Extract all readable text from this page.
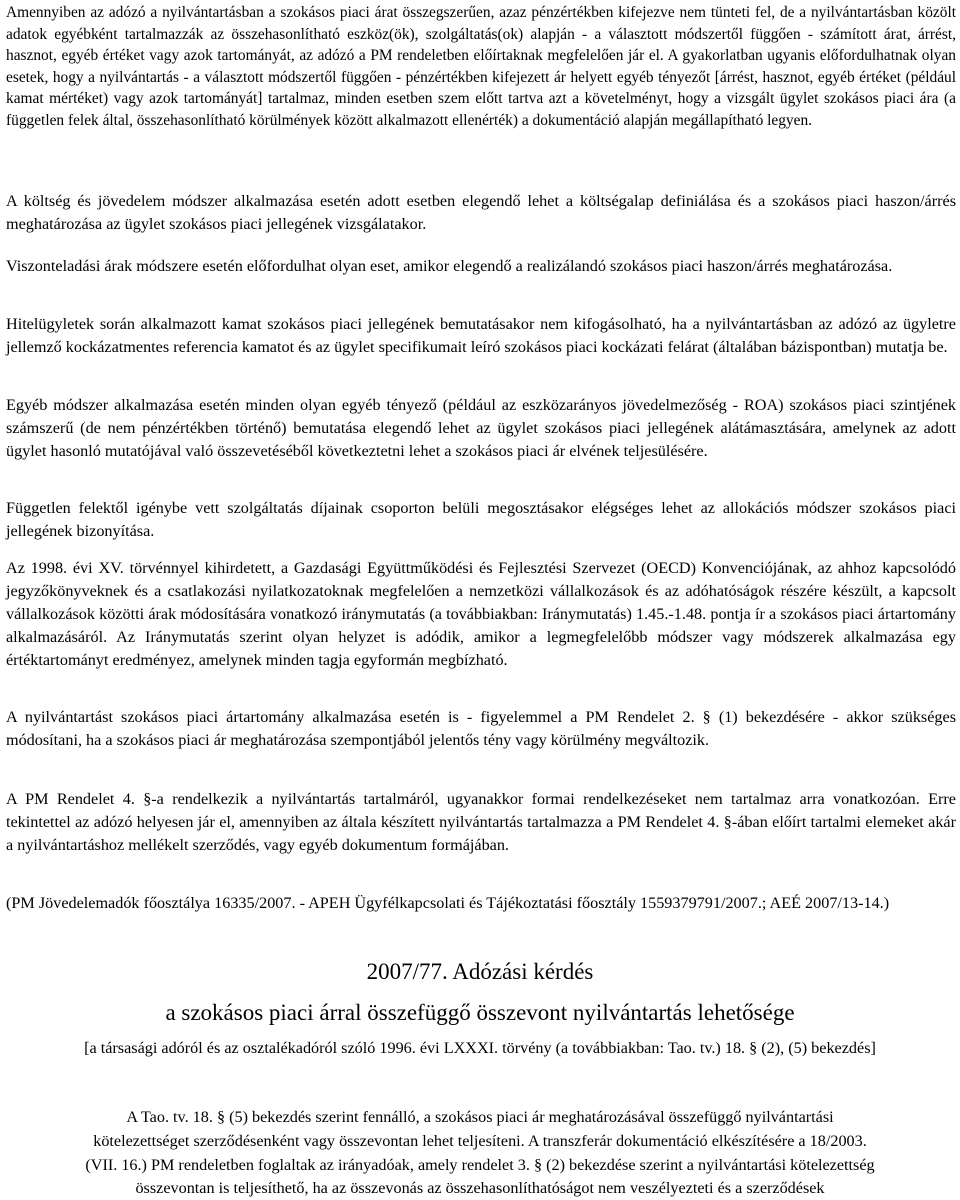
Amennyiben az adózó a nyilvántartásban a szokásos piaci árat összegszerűen, azaz pénzértékben kifejezve nem tünteti fel, de a nyilvántartásban közölt adatok egyébként tartalmazzák az összehasonlítható eszköz(ök), szolgáltatás(ok) alapján - a választott módszertől függően - számított árat, árrést, hasznot, egyéb értéket vagy azok tartományát, az adózó a PM rendeletben előírtaknak megfelelően jár el. A gyakorlatban ugyanis előfordulhatnak olyan esetek, hogy a nyilvántartás - a választott módszertől függően - pénzértékben kifejezett ár helyett egyéb tényezőt [árrést, hasznot, egyéb értéket (például kamat mértéket) vagy azok tartományát] tartalmaz, minden esetben szem előtt tartva azt a követelményt, hogy a vizsgált ügylet szokásos piaci ára (a független felek által, összehasonlítható körülmények között alkalmazott ellenérték) a dokumentáció alapján megállapítható legyen.

A költség és jövedelem módszer alkalmazása esetén adott esetben elegendő lehet a költségalap definiálása és a szokásos piaci haszon/árrés meghatározása az ügylet szokásos piaci jellegének vizsgálatakor.

Viszonteladási árak módszere esetén előfordulhat olyan eset, amikor elegendő a realizálandó szokásos piaci haszon/árrés meghatározása.

Hitelügyletek során alkalmazott kamat szokásos piaci jellegének bemutatásakor nem kifogásolható, ha a nyilvántartásban az adózó az ügyletre jellemző kockázatmentes referencia kamatot és az ügylet specifikumait leíró szokásos piaci kockázati felárat (általában bázispontban) mutatja be.

Egyéb módszer alkalmazása esetén minden olyan egyéb tényező (például az eszközarányos jövedelmezőség - ROA) szokásos piaci szintjének számszerű (de nem pénzértékben történő) bemutatása elegendő lehet az ügylet szokásos piaci jellegének alátámasztására, amelynek az adott ügylet hasonló mutatójával való összevetéséből következtetni lehet a szokásos piaci ár elvének teljesülésére.

Független felektől igénybe vett szolgáltatás díjainak csoporton belüli megosztásakor elégséges lehet az allokációs módszer szokásos piaci jellegének bizonyítása.

Az 1998. évi XV. törvénnyel kihirdetett, a Gazdasági Együttműködési és Fejlesztési Szervezet (OECD) Konvenciójának, az ahhoz kapcsolódó jegyzőkönyveknek és a csatlakozási nyilatkozatoknak megfelelően a nemzetközi vállalkozások és az adóhatóságok részére készült, a kapcsolt vállalkozások közötti árak módosítására vonatkozó iránymutatás (a továbbiakban: Iránymutatás) 1.45.-1.48. pontja ír a szokásos piaci ártartomány alkalmazásáról. Az Iránymutatás szerint olyan helyzet is adódik, amikor a legmegfelelőbb módszer vagy módszerek alkalmazása egy értéktartományt eredményez, amelynek minden tagja egyformán megbízható.

A nyilvántartást szokásos piaci ártartomány alkalmazása esetén is - figyelemmel a PM Rendelet 2. § (1) bekezdésére - akkor szükséges módosítani, ha a szokásos piaci ár meghatározása szempontjából jelentős tény vagy körülmény megváltozik.

A PM Rendelet 4. §-a rendelkezik a nyilvántartás tartalmáról, ugyanakkor formai rendelkezéseket nem tartalmaz arra vonatkozóan. Erre tekintettel az adózó helyesen jár el, amennyiben az általa készített nyilvántartás tartalmazza a PM Rendelet 4. §-ában előírt tartalmi elemeket akár a nyilvántartáshoz mellékelt szerződés, vagy egyéb dokumentum formájában.

(PM Jövedelemadók főosztálya 16335/2007. - APEH Ügyfélkapcsolati és Tájékoztatási főosztály 1559379791/2007.; AEÉ 2007/13-14.)

2007/77. Adózási kérdés
a szokásos piaci árral összefüggő összevont nyilvántartás lehetősége
[a társasági adóról és az osztalékadóról szóló 1996. évi LXXXI. törvény (a továbbiakban: Tao. tv.) 18. § (2), (5) bekezdés]
A Tao. tv. 18. § (5) bekezdés szerint fennálló, a szokásos piaci ár meghatározásával összefüggő nyilvántartási
kötelezettséget szerződésenként vagy összevontan lehet teljesíteni. A transzferár dokumentáció elkészítésére a 18/2003.
(VII. 16.) PM rendeletben foglaltak az irányadóak, amely rendelet 3. § (2) bekezdése szerint a nyilvántartási kötelezettség
összevontan is teljesíthető, ha az összevonás az összehasonlíthatóságot nem veszélyezteti és a szerződések
